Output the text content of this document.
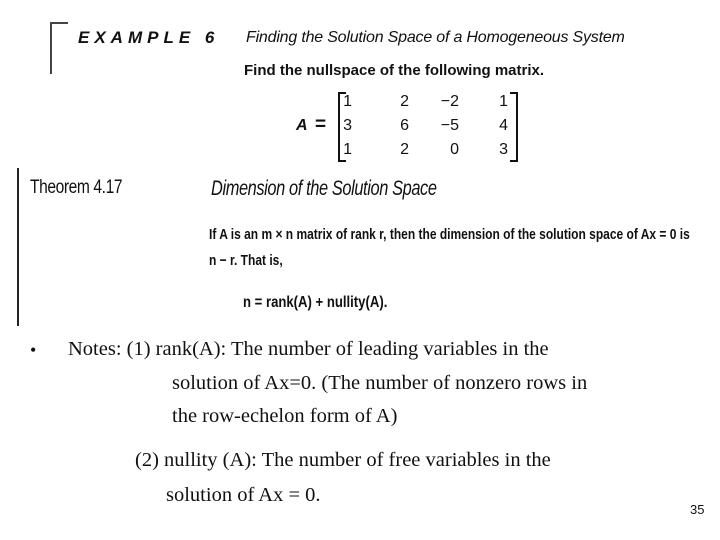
EXAMPLE 6 Finding the Solution Space of a Homogeneous System
Find the nullspace of the following matrix.
A =
1	2	−2	1
3	6	−5	4
1	2	0	3
Theorem 4.17	Dimension of the Solution Space
If A is an m × n matrix of rank r, then the dimension of the solution space of Ax = 0 is
n − r. That is,
n = rank(A) + nullity(A).
• Notes: (1) rank(A): The number of leading variables in the
solution of Ax=0. (The number of nonzero rows in
the row-echelon form of A)
(2) nullity (A): The number of free variables in the
solution of Ax = 0.
35
